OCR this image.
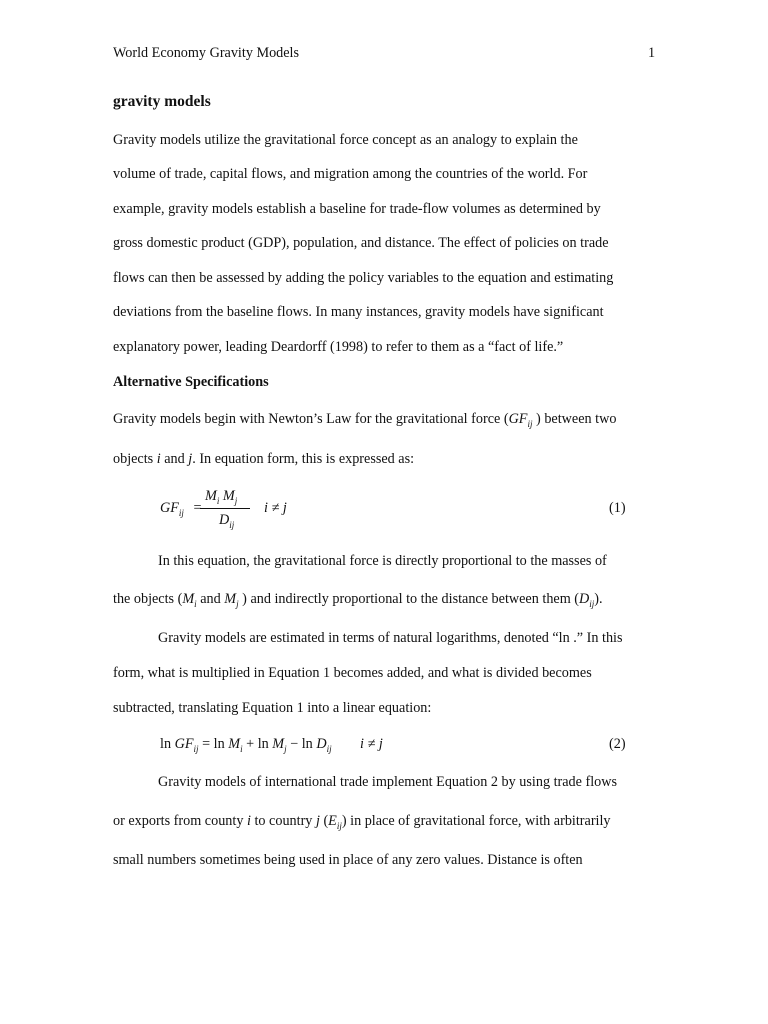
World Economy Gravity Models	1
gravity models
Gravity models utilize the gravitational force concept as an analogy to explain the
volume of trade, capital flows, and migration among the countries of the world. For
example, gravity models establish a baseline for trade-flow volumes as determined by
gross domestic product (GDP), population, and distance. The effect of policies on trade
flows can then be assessed by adding the policy variables to the equation and estimating
deviations from the baseline flows. In many instances, gravity models have significant
explanatory power, leading Deardorff (1998) to refer to them as a “fact of life.”
Alternative Specifications
Gravity models begin with Newton’s Law for the gravitational force ($GF_{ij}$ ) between two
objects i and j. In equation form, this is expressed as:
$GF_{ij}$ =
$M_i$ $M_j$
$D_{ij}$
i ≠ j	(1)
In this equation, the gravitational force is directly proportional to the masses of
the objects ($M_i$ and $M_j$ ) and indirectly proportional to the distance between them $(D_{ij})$.
Gravity models are estimated in terms of natural logarithms, denoted “ln .” In this
form, what is multiplied in Equation 1 becomes added, and what is divided becomes
subtracted, translating Equation 1 into a linear equation:
$\ln GF_{ij} = \ln M_i + \ln M_j - \ln D_{ij}$ i ≠ j	(2)
Gravity models of international trade implement Equation 2 by using trade flows
or exports from county i to country j $(E_{ij})$ in place of gravitational force, with arbitrarily
small numbers sometimes being used in place of any zero values. Distance is often
